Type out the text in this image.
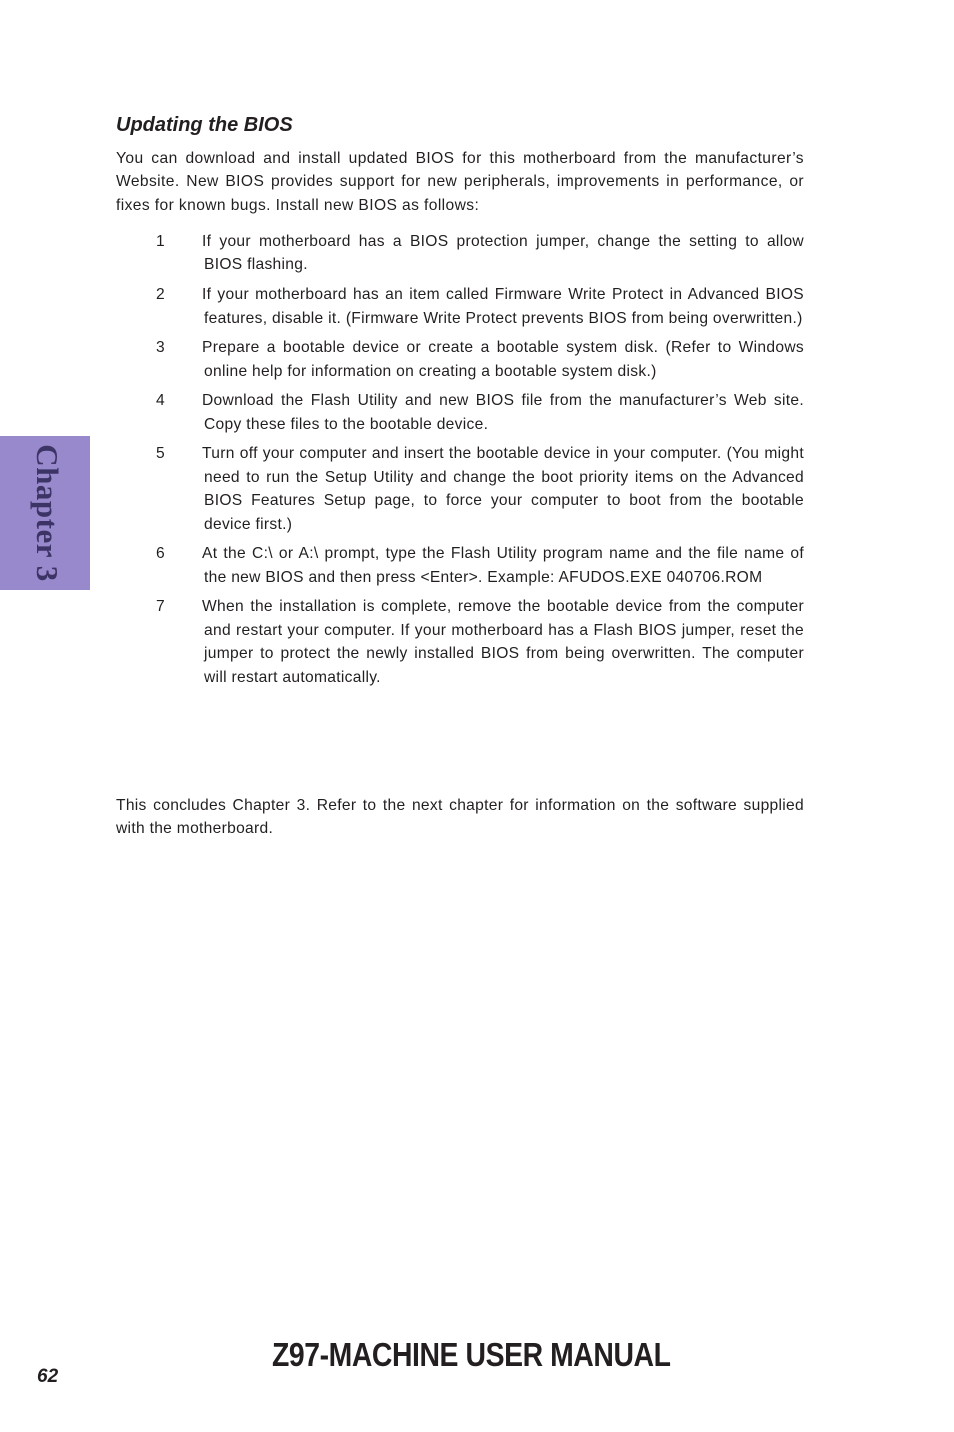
Updating the BIOS

You can download and install updated BIOS for this motherboard from the manufacturer’s Website. New BIOS provides support for new peripherals, improvements in performance, or fixes for known bugs. Install new BIOS as follows:

1 If your motherboard has a BIOS protection jumper, change the setting to allow BIOS flashing.
2 If your motherboard has an item called Firmware Write Protect in Advanced BIOS features, disable it. (Firmware Write Protect prevents BIOS from being overwritten.)
3 Prepare a bootable device or create a bootable system disk. (Refer to Windows online help for information on creating a bootable system disk.)
4 Download the Flash Utility and new BIOS file from the manufacturer’s Web site. Copy these files to the bootable device.
5 Turn off your computer and insert the bootable device in your computer. (You might need to run the Setup Utility and change the boot priority items on the Advanced BIOS Features Setup page, to force your computer to boot from the bootable device first.)
6 At the C:\ or A:\ prompt, type the Flash Utility program name and the file name of the new BIOS and then press <Enter>. Example: AFUDOS.EXE 040706.ROM
7 When the installation is complete, remove the bootable device from the computer and restart your computer. If your motherboard has a Flash BIOS jumper, reset the jumper to protect the newly installed BIOS from being overwritten. The computer will restart automatically.

This concludes Chapter 3. Refer to the next chapter for information on the software supplied with the motherboard.

Chapter 3
62
Z97-MACHINE USER MANUAL
